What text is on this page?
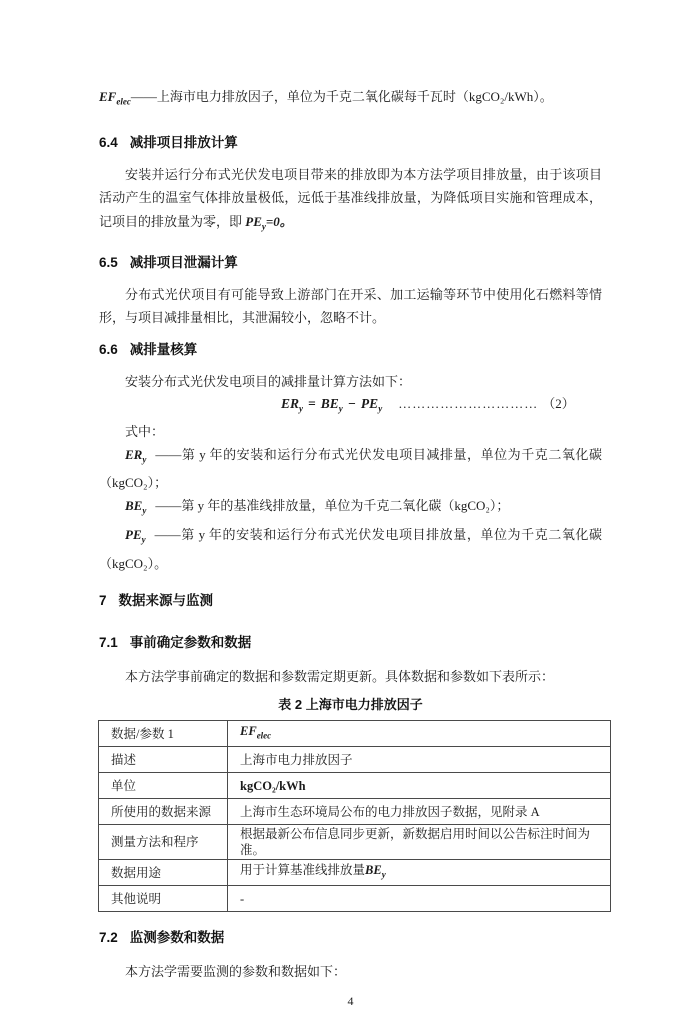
$EF_{elec}——$上海市电力排放因子，单位为千克二氧化碳每千瓦时（kgCO₂/kWh）。

6.4 减排项目排放计算

安装并运行分布式光伏发电项目带来的排放即为本方法学项目排放量，由于该项目活动产生的温室气体排放量极低，远低于基准线排放量，为降低项目实施和管理成本，记项目的排放量为零，即 $PE_y=0$。

6.5 减排项目泄漏计算

分布式光伏项目有可能导致上游部门在开采、加工运输等环节中使用化石燃料等情形，与项目减排量相比，其泄漏较小，忽略不计。

6.6 减排量核算

安装分布式光伏发电项目的减排量计算方法如下：

$ER_y = BE_y - PE_y$ ………………………… （2）

式中：

$ER_y$ ——第 y 年的安装和运行分布式光伏发电项目减排量，单位为千克二氧化碳（kgCO₂）；

$BE_y$ ——第 y 年的基准线排放量，单位为千克二氧化碳（kgCO₂）；

$PE_y$ ——第 y 年的安装和运行分布式光伏发电项目排放量，单位为千克二氧化碳（kgCO₂）。

7 数据来源与监测
7.1 事前确定参数和数据

本方法学事前确定的数据和参数需定期更新。具体数据和参数如下表所示：

表 2 上海市电力排放因子
数据/参数 1	$EF_{elec}$
描述	上海市电力排放因子
单位	kgCO₂/kWh
所使用的数据来源	上海市生态环境局公布的电力排放因子数据，见附录 A
测量方法和程序	根据最新公布信息同步更新，新数据启用时间以公告标注时间为准。
数据用途	用于计算基准线排放量$BE_y$
其他说明	-
7.2 监测参数和数据

本方法学需要监测的参数和数据如下：

4
